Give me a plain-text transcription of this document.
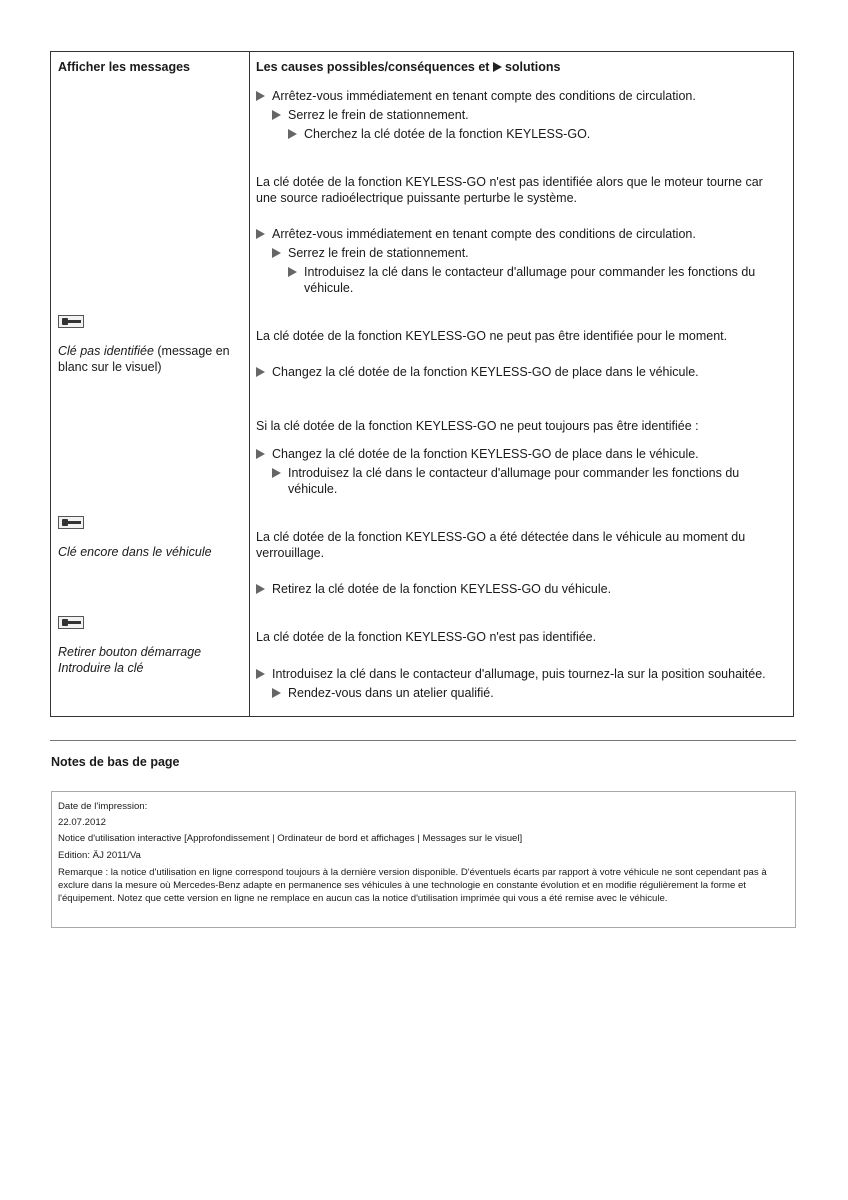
Afficher les messages	Les causes possibles/conséquences et solutions
Arrêtez-vous immédiatement en tenant compte des conditions de circulation.
Serrez le frein de stationnement.
Cherchez la clé dotée de la fonction KEYLESS-GO.
La clé dotée de la fonction KEYLESS-GO n'est pas identifiée alors que le moteur tourne car une source radioélectrique puissante perturbe le système.
Arrêtez-vous immédiatement en tenant compte des conditions de circulation.
Serrez le frein de stationnement.
Introduisez la clé dans le contacteur d'allumage pour commander les fonctions du véhicule.
Clé pas identifiée (message en blanc sur le visuel)
La clé dotée de la fonction KEYLESS-GO ne peut pas être identifiée pour le moment.
Changez la clé dotée de la fonction KEYLESS-GO de place dans le véhicule.
Si la clé dotée de la fonction KEYLESS-GO ne peut toujours pas être identifiée :
Changez la clé dotée de la fonction KEYLESS-GO de place dans le véhicule.
Introduisez la clé dans le contacteur d'allumage pour commander les fonctions du véhicule.
Clé encore dans le véhicule
La clé dotée de la fonction KEYLESS-GO a été détectée dans le véhicule au moment du verrouillage.
Retirez la clé dotée de la fonction KEYLESS-GO du véhicule.
Retirer bouton démarrage
Introduire la clé
La clé dotée de la fonction KEYLESS-GO n'est pas identifiée.
Introduisez la clé dans le contacteur d'allumage, puis tournez-la sur la position souhaitée.
Rendez-vous dans un atelier qualifié.
Notes de bas de page
Date de l'impression:
22.07.2012
Notice d'utilisation interactive [Approfondissement | Ordinateur de bord et affichages | Messages sur le visuel]
Edition: ÄJ 2011/Va
Remarque : la notice d'utilisation en ligne correspond toujours à la dernière version disponible. D'éventuels écarts par rapport à votre véhicule ne sont cependant pas à exclure dans la mesure où Mercedes-Benz adapte en permanence ses véhicules à une technologie en constante évolution et en modifie régulièrement la forme et l'équipement. Notez que cette version en ligne ne remplace en aucun cas la notice d'utilisation imprimée qui vous a été remise avec le véhicule.
